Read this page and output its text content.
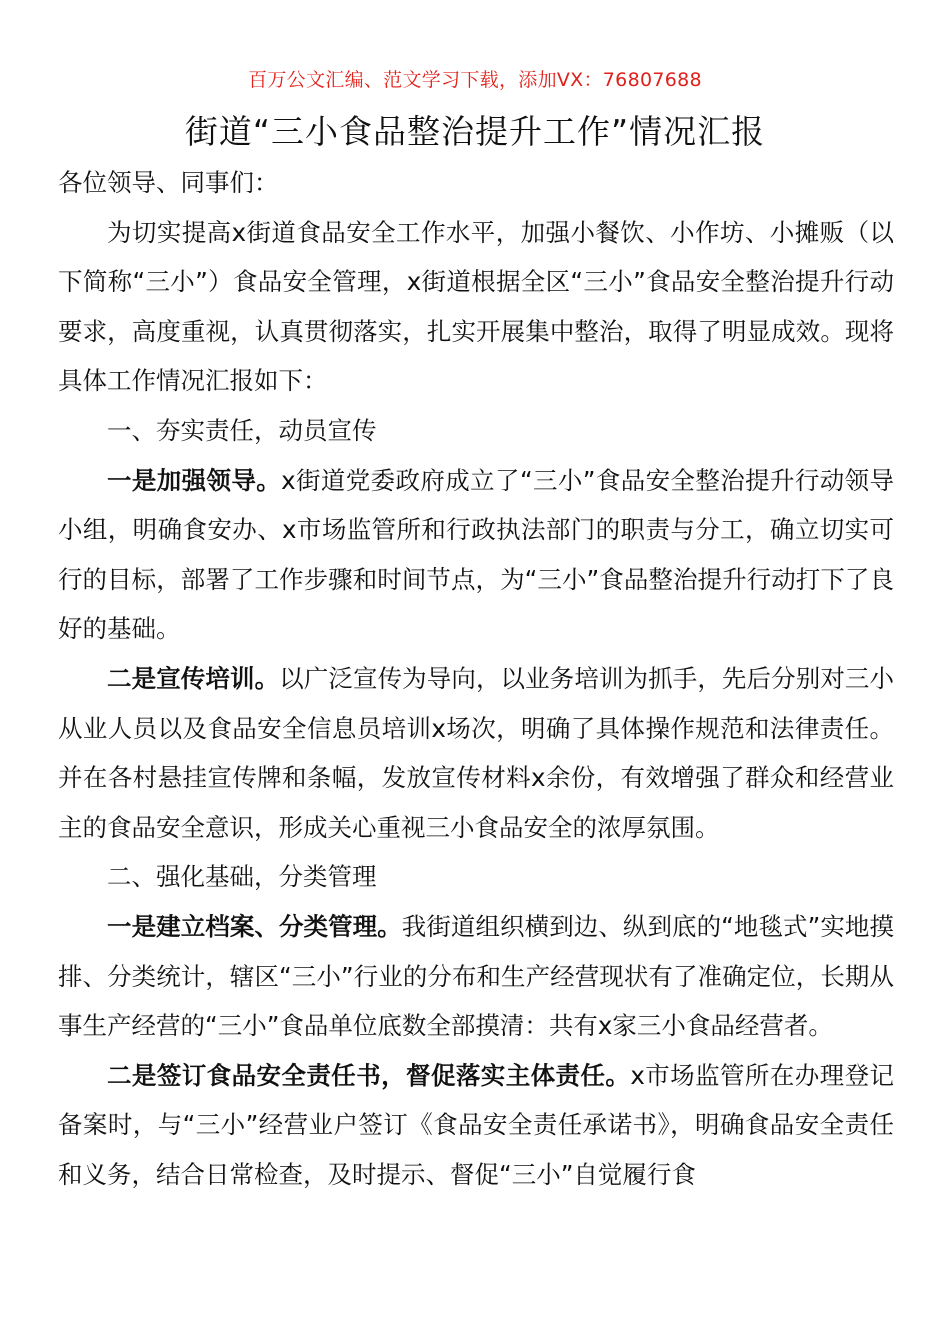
百万公文汇编、范文学习下载，添加VX：76807688
街道“三小食品整治提升工作”情况汇报

各位领导、同事们：

为切实提高x街道食品安全工作水平，加强小餐饮、小作坊、小摊贩（以下简称“三小”）食品安全管理，x街道根据全区“三小”食品安全整治提升行动要求，高度重视，认真贯彻落实，扎实开展集中整治，取得了明显成效。现将具体工作情况汇报如下：

一、夯实责任，动员宣传

一是加强领导。x街道党委政府成立了“三小”食品安全整治提升行动领导小组，明确食安办、x市场监管所和行政执法部门的职责与分工，确立切实可行的目标，部署了工作步骤和时间节点，为“三小”食品整治提升行动打下了良好的基础。

二是宣传培训。以广泛宣传为导向，以业务培训为抓手，先后分别对三小从业人员以及食品安全信息员培训x场次，明确了具体操作规范和法律责任。并在各村悬挂宣传牌和条幅，发放宣传材料x余份，有效增强了群众和经营业主的食品安全意识，形成关心重视三小食品安全的浓厚氛围。

二、强化基础，分类管理

一是建立档案、分类管理。我街道组织横到边、纵到底的“地毯式”实地摸排、分类统计，辖区“三小”行业的分布和生产经营现状有了准确定位，长期从事生产经营的“三小”食品单位底数全部摸清：共有x家三小食品经营者。

二是签订食品安全责任书，督促落实主体责任。x市场监管所在办理登记备案时，与“三小”经营业户签订《食品安全责任承诺书》，明确食品安全责任和义务，结合日常检查，及时提示、督促“三小”自觉履行食
